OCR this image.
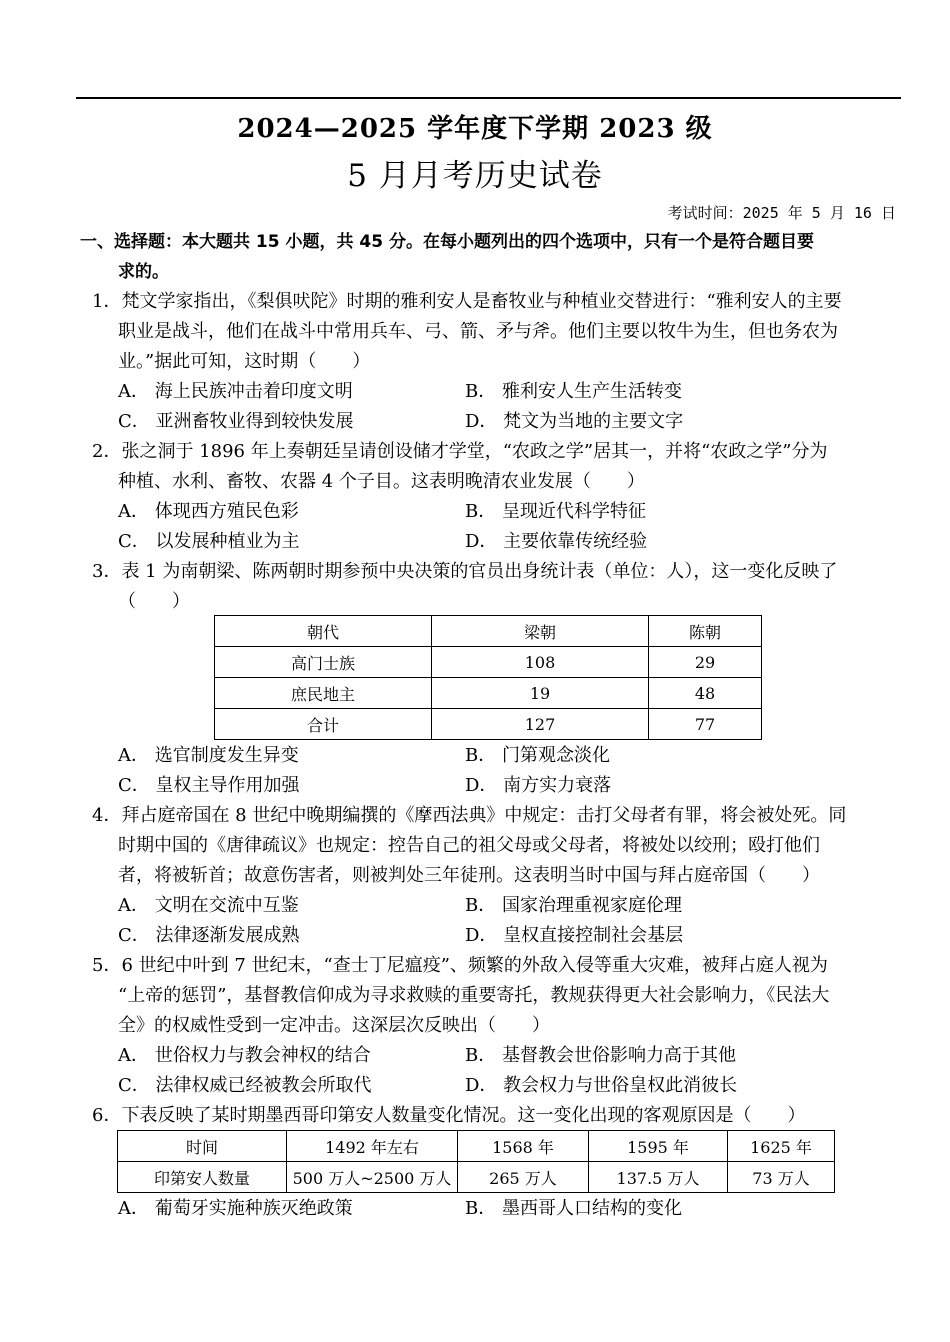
2024—2025 学年度下学期 2023 级
5 月月考历史试卷
考试时间：2025 年 5 月 16 日
一、选择题：本大题共 15 小题，共 45 分。在每小题列出的四个选项中，只有一个是符合题目要
求的。
1．梵文学家指出，《梨俱吠陀》时期的雅利安人是畜牧业与种植业交替进行：“雅利安人的主要
职业是战斗，他们在战斗中常用兵车、弓、箭、矛与斧。他们主要以牧牛为生，但也务农为
业。”据此可知，这时期（　　）
A． 海上民族冲击着印度文明	B． 雅利安人生产生活转变
C． 亚洲畜牧业得到较快发展	D． 梵文为当地的主要文字
2．张之洞于 1896 年上奏朝廷呈请创设储才学堂，“农政之学”居其一，并将“农政之学”分为
种植、水利、畜牧、农器 4 个子目。这表明晚清农业发展（　　）
A． 体现西方殖民色彩	B． 呈现近代科学特征
C． 以发展种植业为主	D． 主要依靠传统经验
3．表 1 为南朝梁、陈两朝时期参预中央决策的官员出身统计表（单位：人），这一变化反映了
（　　）
朝代	梁朝	陈朝
高门士族	108	29
庶民地主	19	48
合计	127	77
A． 选官制度发生异变	B． 门第观念淡化
C． 皇权主导作用加强	D． 南方实力衰落
4．拜占庭帝国在 8 世纪中晚期编撰的《摩西法典》中规定：击打父母者有罪，将会被处死。同
时期中国的《唐律疏议》也规定：控告自己的祖父母或父母者，将被处以绞刑；殴打他们
者，将被斩首；故意伤害者，则被判处三年徒刑。这表明当时中国与拜占庭帝国（　　）
A． 文明在交流中互鉴	B． 国家治理重视家庭伦理
C． 法律逐渐发展成熟	D． 皇权直接控制社会基层
5．6 世纪中叶到 7 世纪末，“查士丁尼瘟疫”、频繁的外敌入侵等重大灾难，被拜占庭人视为
“上帝的惩罚”，基督教信仰成为寻求救赎的重要寄托，教规获得更大社会影响力，《民法大
全》的权威性受到一定冲击。这深层次反映出（　　）
A． 世俗权力与教会神权的结合	B． 基督教会世俗影响力高于其他
C． 法律权威已经被教会所取代	D． 教会权力与世俗皇权此消彼长
6．下表反映了某时期墨西哥印第安人数量变化情况。这一变化出现的客观原因是（　　）
时间	1492 年左右	1568 年	1595 年	1625 年
印第安人数量	500 万人~2500 万人	265 万人	137.5 万人	73 万人
A． 葡萄牙实施种族灭绝政策	B． 墨西哥人口结构的变化
